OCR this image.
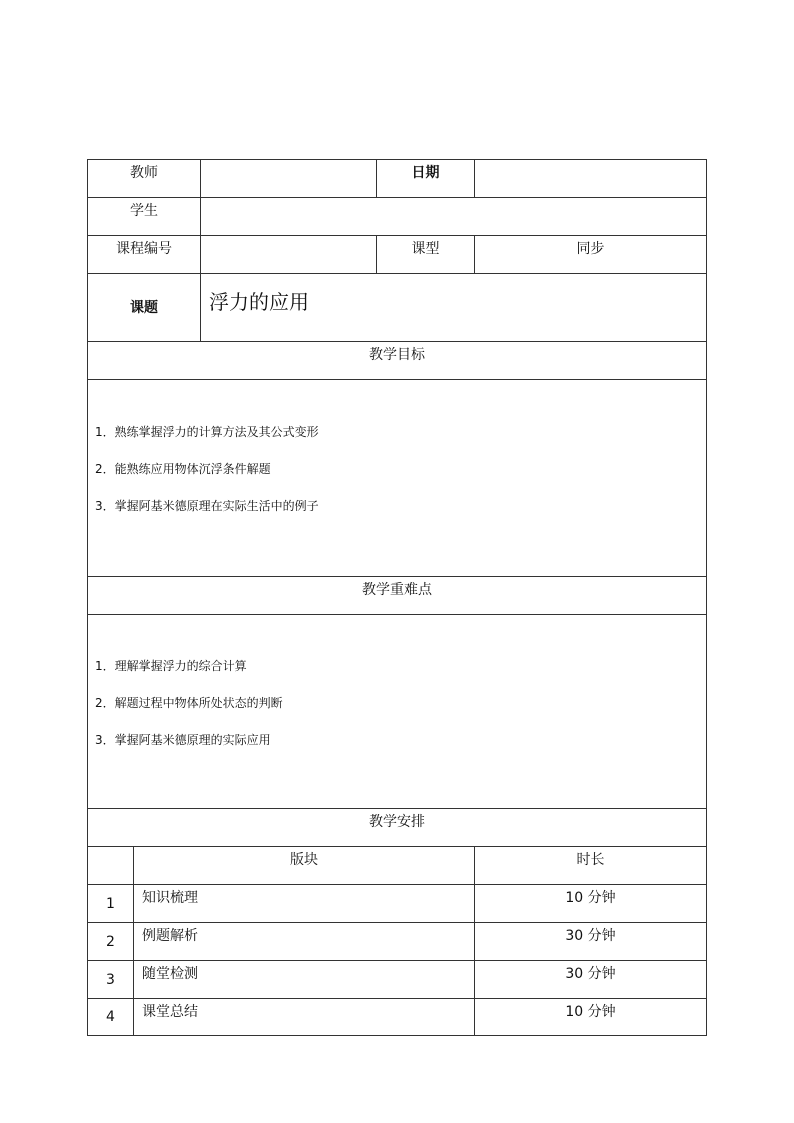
教师			日期	
学生				
课程编号			课型	同步
课题		浮力的应用		
教学目标				

1．熟练掌握浮力的计算方法及其公式变形
2．能熟练应用物体沉浮条件解题
3．掌握阿基米德原理在实际生活中的例子				

教学重难点				

1．理解掌握浮力的综合计算
2．解题过程中物体所处状态的判断
3．掌握阿基米德原理的实际应用				

教学安排				
	版块			时长
1	知识梳理			10 分钟
2	例题解析			30 分钟
3	随堂检测			30 分钟
4	课堂总结			10 分钟
